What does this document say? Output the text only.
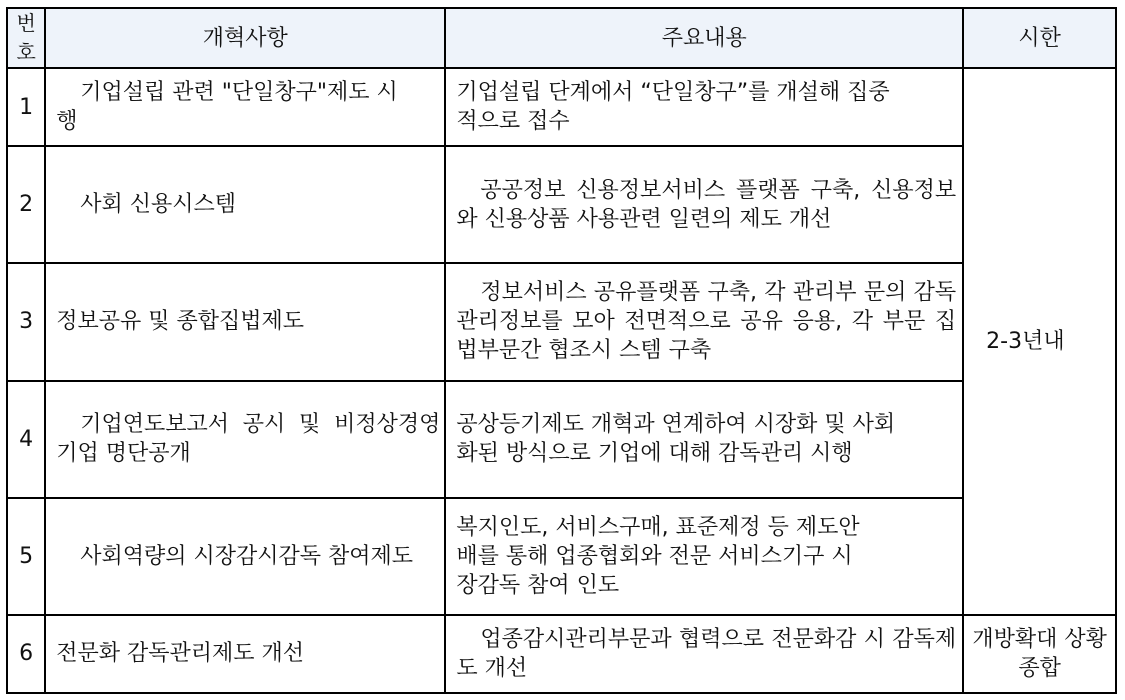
번호	개혁사항	주요내용	시한
1	기업설립 관련 "단일창구"제도 시행	기업설립 단계에서 “단일창구”를 개설해 집중적으로 접수	2-3년내
2	사회 신용시스템	공공정보 신용정보서비스 플랫폼 구축, 신용정보와 신용상품 사용관련 일련의 제도 개선	
3	정보공유 및 종합집법제도	정보서비스 공유플랫폼 구축, 각 관리부 문의 감독관리정보를 모아 전면적으로 공유 응용, 각 부문 집법부문간 협조시 스템 구축	
4	기업연도보고서 공시 및 비정상경영기업 명단공개	공상등기제도 개혁과 연계하여 시장화 및 사회화된 방식으로 기업에 대해 감독관리 시행	
5	사회역량의 시장감시감독 참여제도	복지인도, 서비스구매, 표준제정 등 제도안배를 통해 업종협회와 전문 서비스기구 시장감독 참여 인도	
6	전문화 감독관리제도 개선	업종감시관리부문과 협력으로 전문화감 시 감독제도 개선	개방확대 상황종합
